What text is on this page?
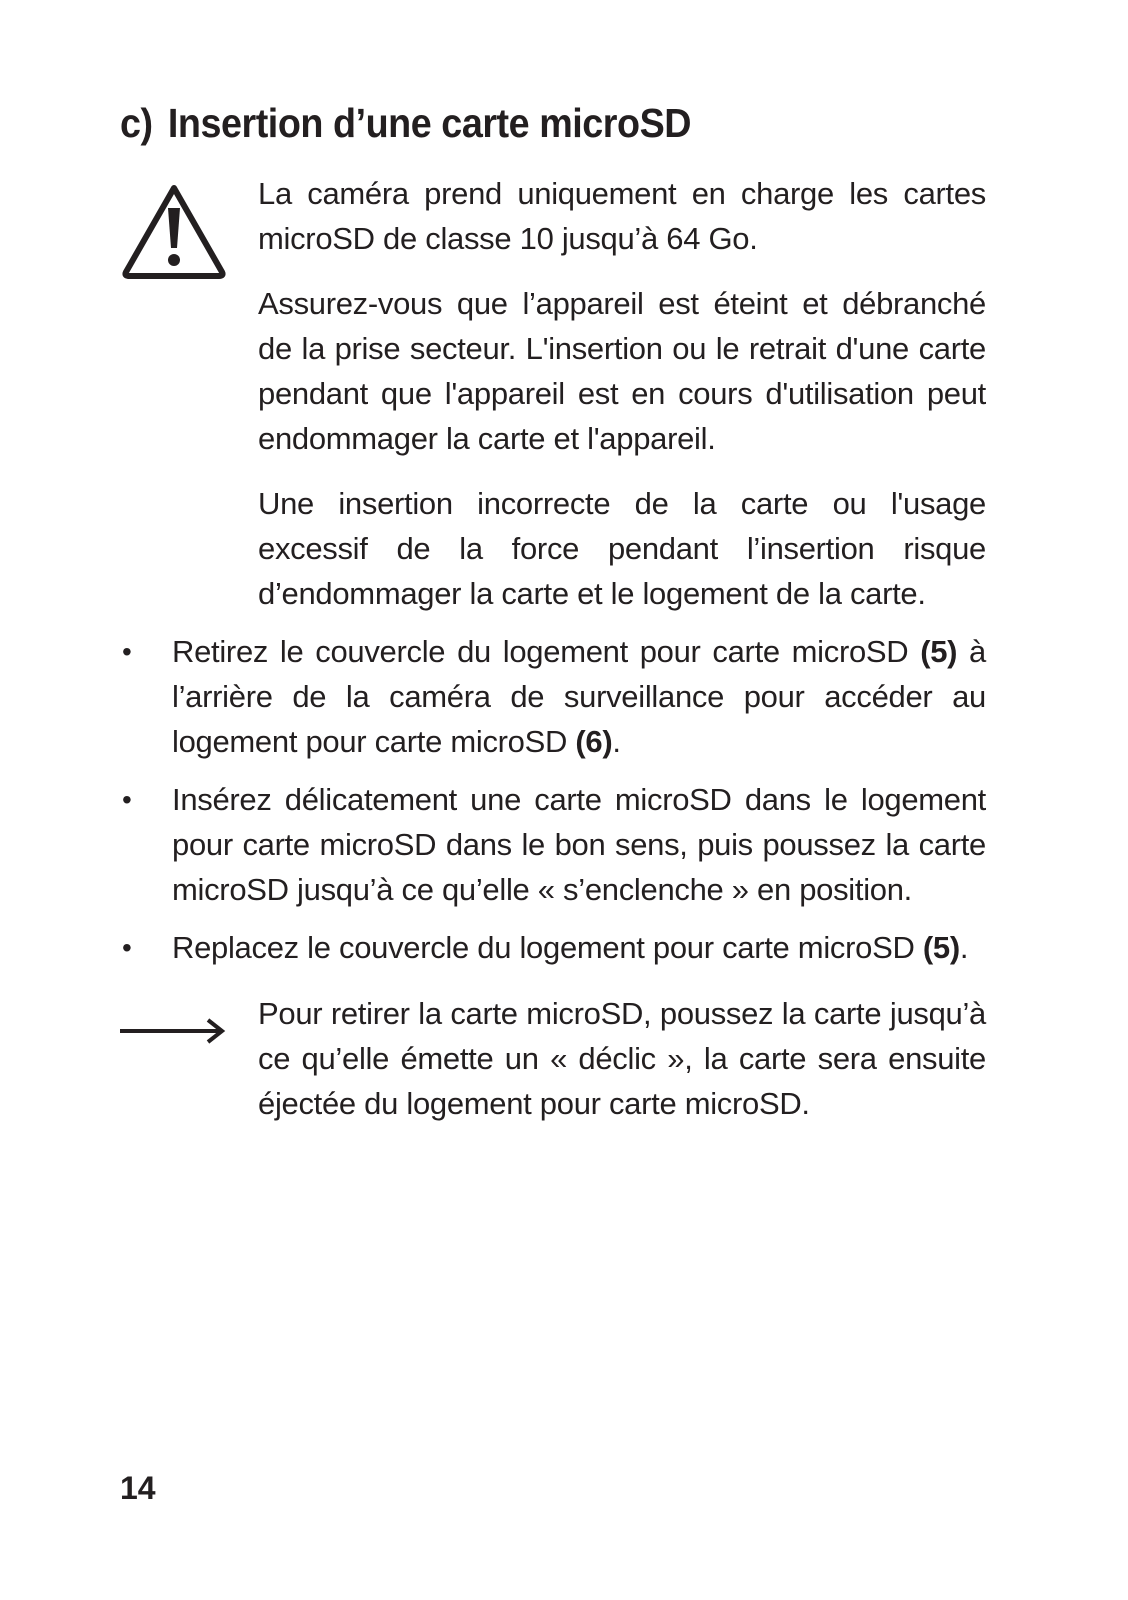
c) Insertion d’une carte microSD
La caméra prend uniquement en charge les cartes microSD de classe 10 jusqu’à 64 Go.
Assurez-vous que l’appareil est éteint et débranché de la prise secteur. L'insertion ou le retrait d'une carte pendant que l'appareil est en cours d'utilisation peut endommager la carte et l'appareil.
Une insertion incorrecte de la carte ou l'usage excessif de la force pendant l’insertion risque d’endommager la carte et le logement de la carte.
• Retirez le couvercle du logement pour carte microSD (5) à l’arrière de la caméra de surveillance pour accéder au logement pour carte microSD (6).
• Insérez délicatement une carte microSD dans le logement pour carte microSD dans le bon sens, puis poussez la carte microSD jusqu’à ce qu’elle « s’enclenche » en position.
• Replacez le couvercle du logement pour carte microSD (5).
Pour retirer la carte microSD, poussez la carte jusqu’à ce qu’elle émette un « déclic », la carte sera ensuite éjectée du logement pour carte microSD.
14
